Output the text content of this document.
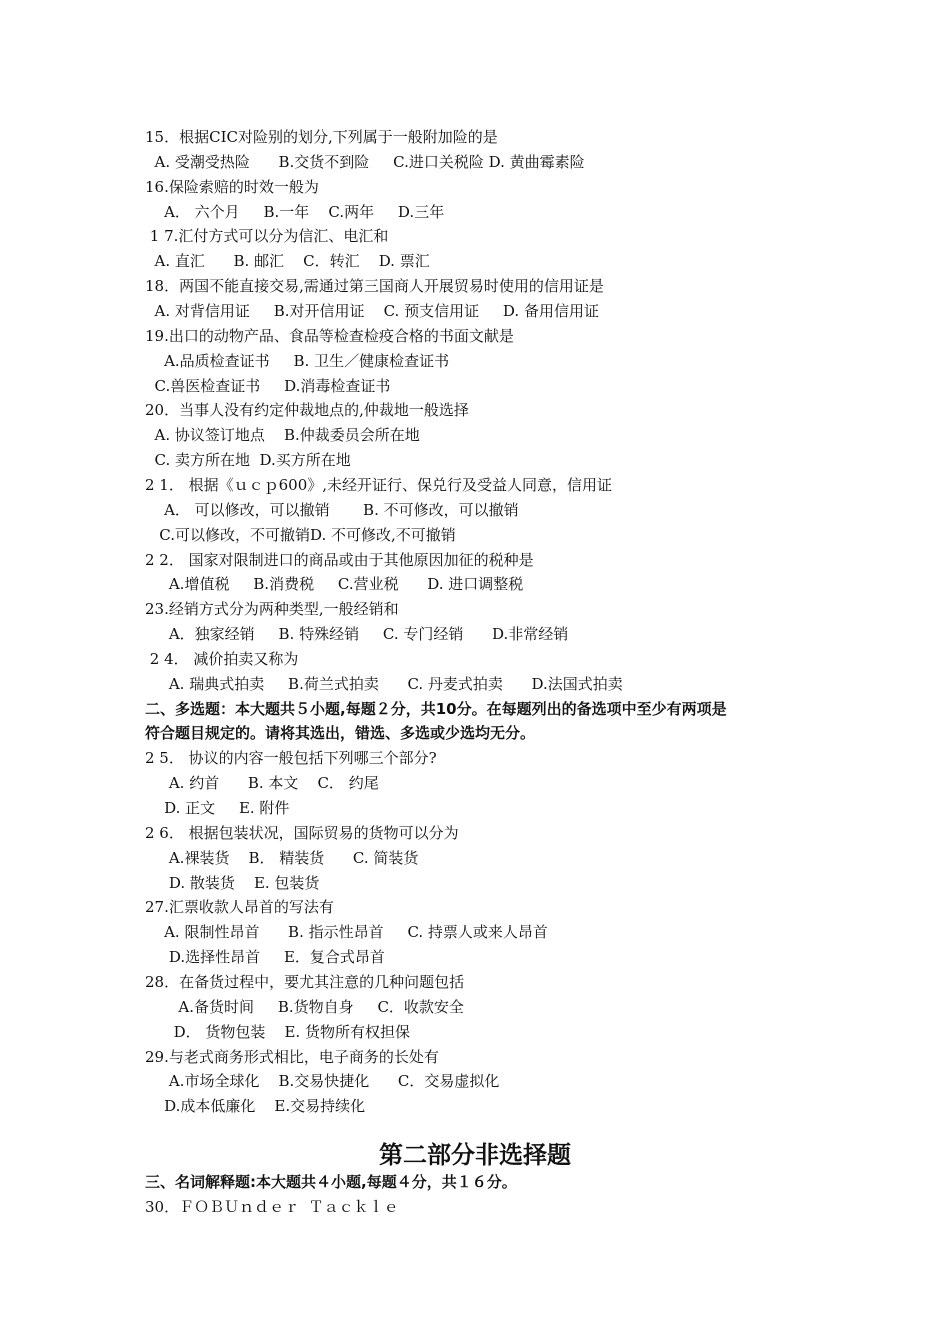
15．根据CIC对险别的划分,下列属于一般附加险的是
A. 受潮受热险      B.交货不到险     C.进口关税险 D. 黄曲霉素险
16.保险索赔的时效一般为
A． 六个月     B.一年    C.两年     D.三年
1 7.汇付方式可以分为信汇、电汇和
A. 直汇      B. 邮汇    C．转汇    D. 票汇
18．两国不能直接交易,需通过第三国商人开展贸易时使用的信用证是
A. 对背信用证     B.对开信用证    C. 预支信用证     D. 备用信用证
19.出口的动物产品、食品等检查检疫合格的书面文献是
A.品质检查证书     B. 卫生／健康检查证书
C.兽医检查证书     D.消毒检查证书
20．当事人没有约定仲裁地点的,仲裁地一般选择
A. 协议签订地点    B.仲裁委员会所在地
C. 卖方所在地  D.买方所在地
2 1． 根据《ｕｃｐ600》,未经开证行、保兑行及受益人同意，信用证
A． 可以修改，可以撤销       B. 不可修改，可以撤销
C.可以修改，不可撤销D. 不可修改,不可撤销
2 2． 国家对限制进口的商品或由于其他原因加征的税种是
A.增值税     B.消费税     C.营业税      D. 进口调整税
23.经销方式分为两种类型,一般经销和
A．独家经销     B. 特殊经销     C. 专门经销      D.非常经销
2 4． 减价拍卖又称为
A. 瑞典式拍卖     B.荷兰式拍卖      C. 丹麦式拍卖      D.法国式拍卖
二、多选题：本大题共５小题,每题２分，共10分。在每题列出的备选项中至少有两项是
符合题目规定的。请将其选出，错选、多选或少选均无分。
2 5． 协议的内容一般包括下列哪三个部分?
A. 约首      B. 本文    C． 约尾
D. 正文     E. 附件
2 6． 根据包装状况，国际贸易的货物可以分为
A.裸装货    B． 精装货      C. 简装货
D. 散装货    E. 包装货
27.汇票收款人昂首的写法有
A. 限制性昂首      B. 指示性昂首     C. 持票人或来人昂首
D.选择性昂首     E．复合式昂首
28．在备货过程中，要尤其注意的几种问题包括
A.备货时间     B.货物自身     C．收款安全
D． 货物包装    E. 货物所有权担保
29.与老式商务形式相比，电子商务的长处有
A.市场全球化    B.交易快捷化      C．交易虚拟化
D.成本低廉化    E.交易持续化
第二部分非选择题
三、名词解释题:本大题共４小题,每题４分，共１６分。
30．ＦＯＢＵｎｄｅｒ  Ｔａｃｋｌｅ
